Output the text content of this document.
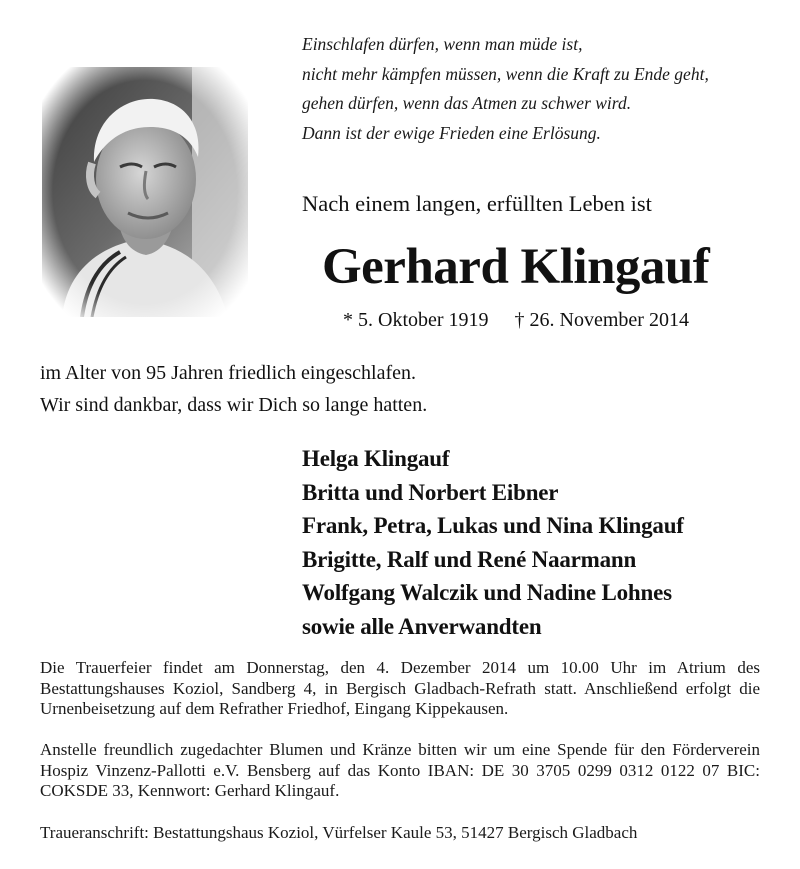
Einschlafen dürfen, wenn man müde ist,
nicht mehr kämpfen müssen, wenn die Kraft zu Ende geht,
gehen dürfen, wenn das Atmen zu schwer wird.
Dann ist der ewige Frieden eine Erlösung.
Nach einem langen, erfüllten Leben ist
Gerhard Klingauf
* 5. Oktober 1919 † 26. November 2014
im Alter von 95 Jahren friedlich eingeschlafen.
Wir sind dankbar, dass wir Dich so lange hatten.
Helga Klingauf
Britta und Norbert Eibner
Frank, Petra, Lukas und Nina Klingauf
Brigitte, Ralf und René Naarmann
Wolfgang Walczik und Nadine Lohnes
sowie alle Anverwandten
Die Trauerfeier findet am Donnerstag, den 4. Dezember 2014 um 10.00 Uhr im Atrium des Bestattungshauses Koziol, Sandberg 4, in Bergisch Gladbach-Refrath statt. Anschließend erfolgt die Urnenbeisetzung auf dem Refrather Friedhof, Eingang Kippekausen.
Anstelle freundlich zugedachter Blumen und Kränze bitten wir um eine Spende für den Förderverein Hospiz Vinzenz-Pallotti e.V. Bensberg auf das Konto IBAN: DE 30 3705 0299 0312 0122 07 BIC: COKSDE 33, Kennwort: Gerhard Klingauf.
Traueranschrift: Bestattungshaus Koziol, Vürfelser Kaule 53, 51427 Bergisch Gladbach
